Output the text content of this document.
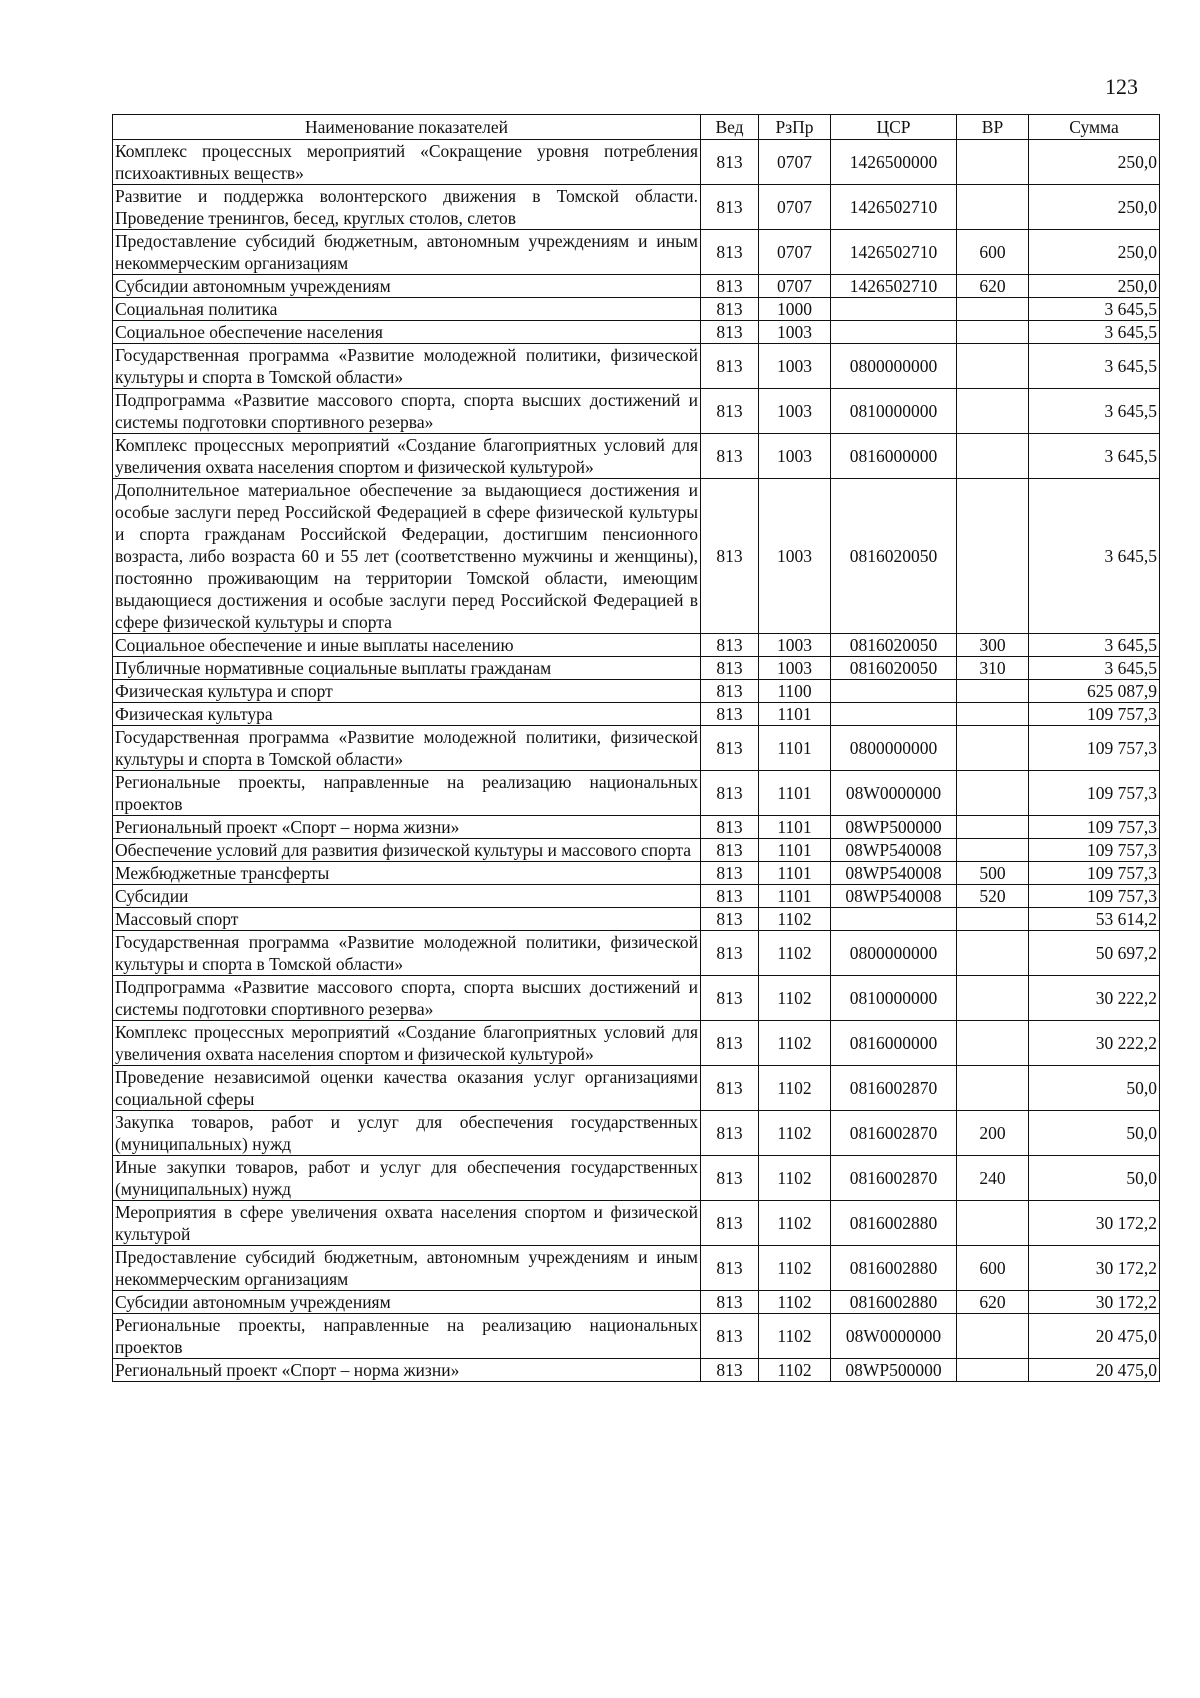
123
Наименование показателей	Вед	РзПр	ЦСР	ВР	Сумма
Комплекс процессных мероприятий «Сокращение уровня потребления психоактивных веществ»	813	0707	1426500000		250,0
Развитие и поддержка волонтерского движения в Томской области. Проведение тренингов, бесед, круглых столов, слетов	813	0707	1426502710		250,0
Предоставление субсидий бюджетным, автономным учреждениям и иным некоммерческим организациям	813	0707	1426502710	600	250,0
Субсидии автономным учреждениям	813	0707	1426502710	620	250,0
Социальная политика	813	1000			3 645,5
Социальное обеспечение населения	813	1003			3 645,5
Государственная программа «Развитие молодежной политики, физической культуры и спорта в Томской области»	813	1003	0800000000		3 645,5
Подпрограмма «Развитие массового спорта, спорта высших достижений и системы подготовки спортивного резерва»	813	1003	0810000000		3 645,5
Комплекс процессных мероприятий «Создание благоприятных условий для увеличения охвата населения спортом и физической культурой»	813	1003	0816000000		3 645,5
Дополнительное материальное обеспечение за выдающиеся достижения и особые заслуги перед Российской Федерацией в сфере физической культуры и спорта гражданам Российской Федерации, достигшим пенсионного возраста, либо возраста 60 и 55 лет (соответственно мужчины и женщины), постоянно проживающим на территории Томской области, имеющим выдающиеся достижения и особые заслуги перед Российской Федерацией в сфере физической культуры и спорта	813	1003	0816020050		3 645,5
Социальное обеспечение и иные выплаты населению	813	1003	0816020050	300	3 645,5
Публичные нормативные социальные выплаты гражданам	813	1003	0816020050	310	3 645,5
Физическая культура и спорт	813	1100			625 087,9
Физическая культура	813	1101			109 757,3
Государственная программа «Развитие молодежной политики, физической культуры и спорта в Томской области»	813	1101	0800000000		109 757,3
Региональные проекты, направленные на реализацию национальных проектов	813	1101	08W0000000		109 757,3
Региональный проект «Спорт – норма жизни»	813	1101	08WP500000		109 757,3
Обеспечение условий для развития физической культуры и массового спорта	813	1101	08WP540008		109 757,3
Межбюджетные трансферты	813	1101	08WP540008	500	109 757,3
Субсидии	813	1101	08WP540008	520	109 757,3
Массовый спорт	813	1102			53 614,2
Государственная программа «Развитие молодежной политики, физической культуры и спорта в Томской области»	813	1102	0800000000		50 697,2
Подпрограмма «Развитие массового спорта, спорта высших достижений и системы подготовки спортивного резерва»	813	1102	0810000000		30 222,2
Комплекс процессных мероприятий «Создание благоприятных условий для увеличения охвата населения спортом и физической культурой»	813	1102	0816000000		30 222,2
Проведение независимой оценки качества оказания услуг организациями социальной сферы	813	1102	0816002870		50,0
Закупка товаров, работ и услуг для обеспечения государственных (муниципальных) нужд	813	1102	0816002870	200	50,0
Иные закупки товаров, работ и услуг для обеспечения государственных (муниципальных) нужд	813	1102	0816002870	240	50,0
Мероприятия в сфере увеличения охвата населения спортом и физической культурой	813	1102	0816002880		30 172,2
Предоставление субсидий бюджетным, автономным учреждениям и иным некоммерческим организациям	813	1102	0816002880	600	30 172,2
Субсидии автономным учреждениям	813	1102	0816002880	620	30 172,2
Региональные проекты, направленные на реализацию национальных проектов	813	1102	08W0000000		20 475,0
Региональный проект «Спорт – норма жизни»	813	1102	08WP500000		20 475,0
